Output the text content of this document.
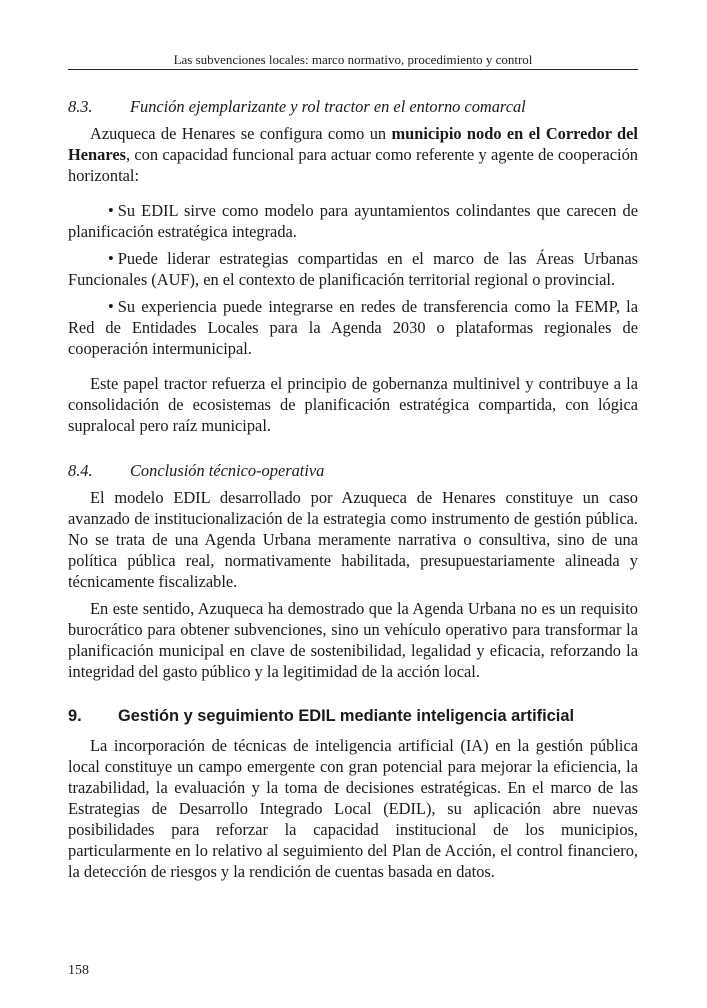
Las subvenciones locales: marco normativo, procedimiento y control
8.3.	Función ejemplarizante y rol tractor en el entorno comarcal

Azuqueca de Henares se configura como un municipio nodo en el Corredor del Henares, con capacidad funcional para actuar como referente y agente de cooperación horizontal:

• Su EDIL sirve como modelo para ayuntamientos colindantes que carecen de planificación estratégica integrada.

• Puede liderar estrategias compartidas en el marco de las Áreas Urbanas Funcionales (AUF), en el contexto de planificación territorial regional o provincial.

• Su experiencia puede integrarse en redes de transferencia como la FEMP, la Red de Entidades Locales para la Agenda 2030 o plataformas regionales de cooperación intermunicipal.

Este papel tractor refuerza el principio de gobernanza multinivel y contribuye a la consolidación de ecosistemas de planificación estratégica compartida, con lógica supralocal pero raíz municipal.

8.4.	Conclusión técnico-operativa

El modelo EDIL desarrollado por Azuqueca de Henares constituye un caso avanzado de institucionalización de la estrategia como instrumento de gestión pública. No se trata de una Agenda Urbana meramente narrativa o consultiva, sino de una política pública real, normativamente habilitada, presupuestariamente alineada y técnicamente fiscalizable.

En este sentido, Azuqueca ha demostrado que la Agenda Urbana no es un requisito burocrático para obtener subvenciones, sino un vehículo operativo para transformar la planificación municipal en clave de sostenibilidad, legalidad y eficacia, reforzando la integridad del gasto público y la legitimidad de la acción local.

9.	Gestión y seguimiento EDIL mediante inteligencia artificial

La incorporación de técnicas de inteligencia artificial (IA) en la gestión pública local constituye un campo emergente con gran potencial para mejorar la eficiencia, la trazabilidad, la evaluación y la toma de decisiones estratégicas. En el marco de las Estrategias de Desarrollo Integrado Local (EDIL), su aplicación abre nuevas posibilidades para reforzar la capacidad institucional de los municipios, particularmente en lo relativo al seguimiento del Plan de Acción, el control financiero, la detección de riesgos y la rendición de cuentas basada en datos.

158
